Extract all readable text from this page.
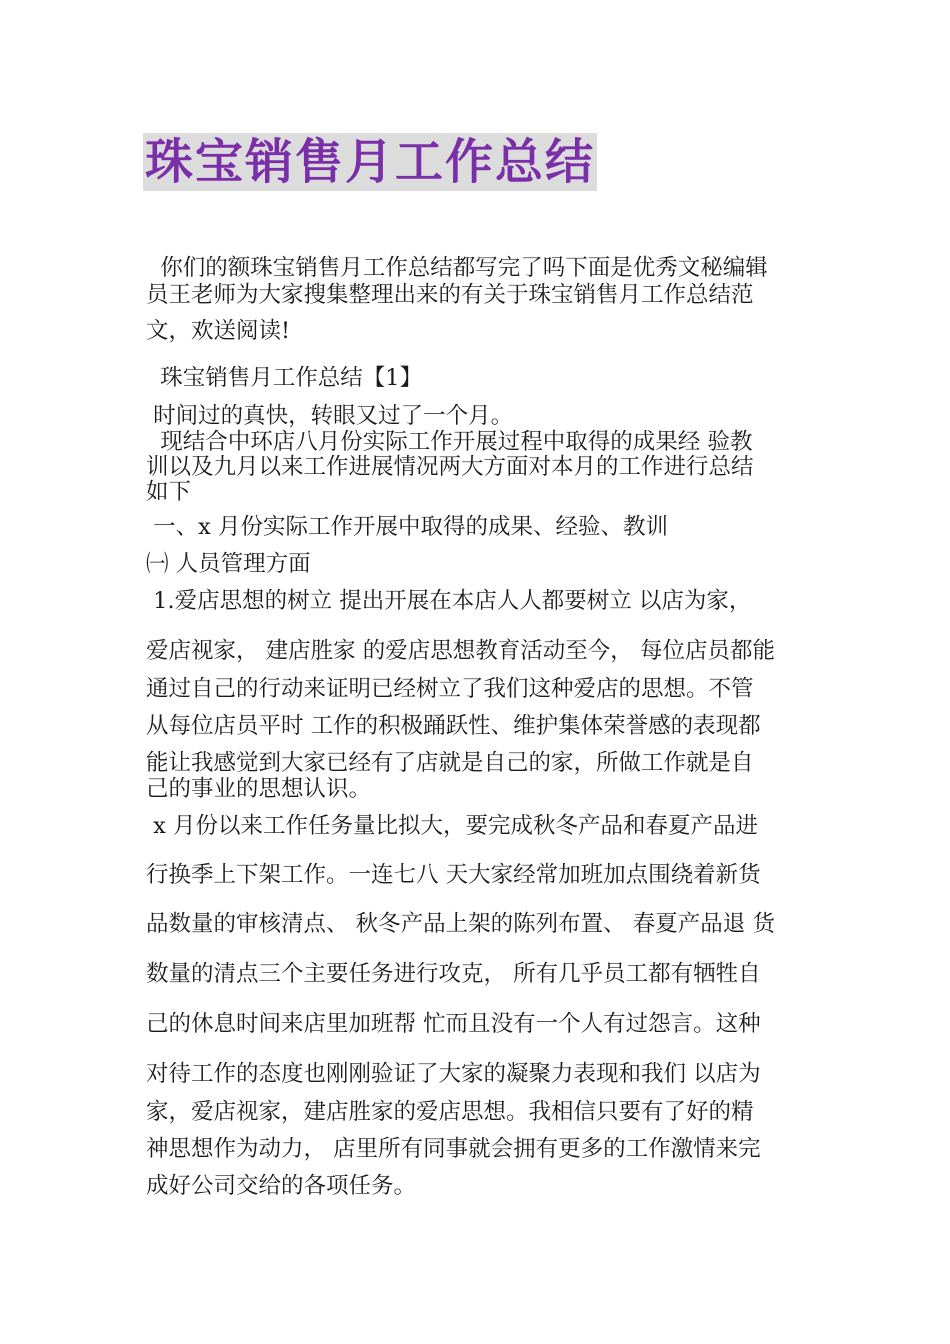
珠宝销售月工作总结

你们的额珠宝销售月工作总结都写完了吗下面是优秀文秘编辑

员王老师为大家搜集整理出来的有关于珠宝销售月工作总结范

文，欢送阅读!

珠宝销售月工作总结【1】

时间过的真快，转眼又过了一个月。

现结合中环店八月份实际工作开展过程中取得的成果经 验教

训以及九月以来工作进展情况两大方面对本月的工作进行总结

如下

一、x 月份实际工作开展中取得的成果、经验、教训

㈠ 人员管理方面

1.爱店思想的树立 提出开展在本店人人都要树立 以店为家，

爱店视家， 建店胜家 的爱店思想教育活动至今， 每位店员都能

通过自己的行动来证明已经树立了我们这种爱店的思想。不管

从每位店员平时 工作的积极踊跃性、维护集体荣誉感的表现都

能让我感觉到大家已经有了店就是自己的家，所做工作就是自

己的事业的思想认识。

x 月份以来工作任务量比拟大，要完成秋冬产品和春夏产品进

行换季上下架工作。一连七八 天大家经常加班加点围绕着新货

品数量的审核清点、 秋冬产品上架的陈列布置、 春夏产品退 货

数量的清点三个主要任务进行攻克， 所有几乎员工都有牺牲自

己的休息时间来店里加班帮 忙而且没有一个人有过怨言。这种

对待工作的态度也刚刚验证了大家的凝聚力表现和我们 以店为

家，爱店视家，建店胜家的爱店思想。我相信只要有了好的精

神思想作为动力， 店里所有同事就会拥有更多的工作激情来完

成好公司交给的各项任务。
